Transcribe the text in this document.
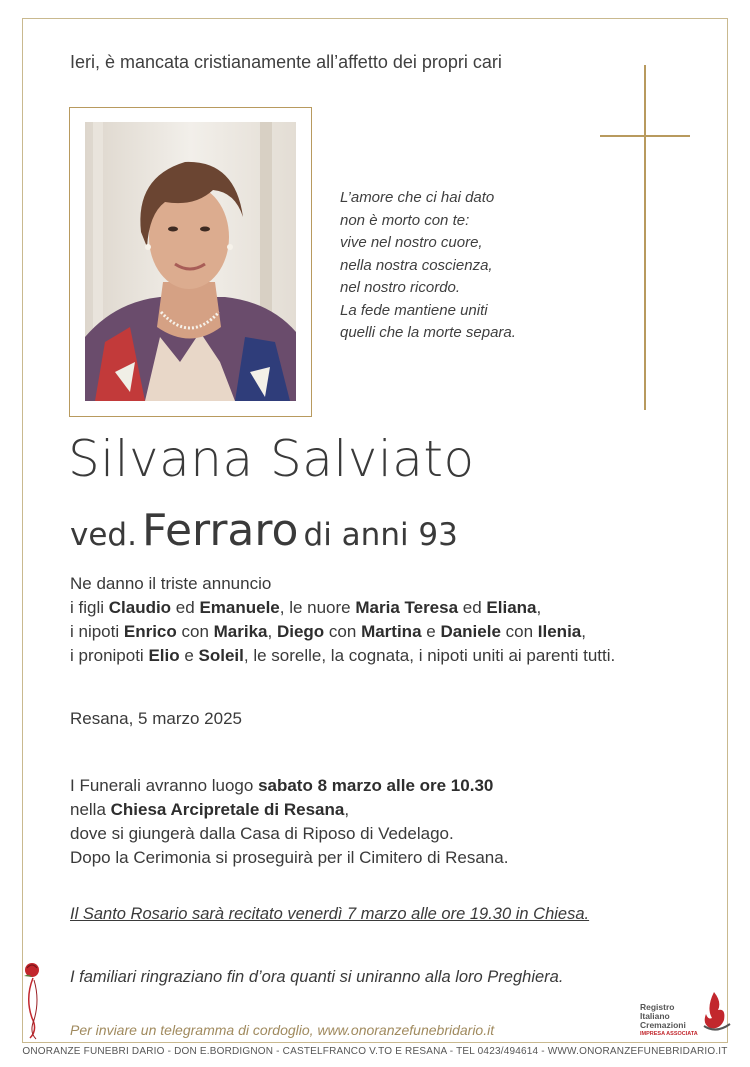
Ieri, è mancata cristianamente all’affetto dei propri cari
L’amore che ci hai dato
non è morto con te:
vive nel nostro cuore,
nella nostra coscienza,
nel nostro ricordo.
La fede mantiene uniti
quelli che la morte separa.
Silvana Salviato
ved. Ferraro di anni 93
Ne danno il triste annuncio
i figli Claudio ed Emanuele, le nuore Maria Teresa ed Eliana,
i nipoti Enrico con Marika, Diego con Martina e Daniele con Ilenia,
i pronipoti Elio e Soleil, le sorelle, la cognata, i nipoti uniti ai parenti tutti.
Resana, 5 marzo 2025
I Funerali avranno luogo sabato 8 marzo alle ore 10.30
nella Chiesa Arcipretale di Resana,
dove si giungerà dalla Casa di Riposo di Vedelago.
Dopo la Cerimonia si proseguirà per il Cimitero di Resana.
Il Santo Rosario sarà recitato venerdì 7 marzo alle ore 19.30 in Chiesa.
I familiari ringraziano fin d’ora quanti si uniranno alla loro Preghiera.
Per inviare un telegramma di cordoglio, www.onoranzefunebridario.it
Registro
Italiano
Cremazioni
IMPRESA ASSOCIATA
ONORANZE FUNEBRI DARIO - DON E.BORDIGNON - CASTELFRANCO V.TO E RESANA - TEL 0423/494614 - WWW.ONORANZEFUNEBRIDARIO.IT
